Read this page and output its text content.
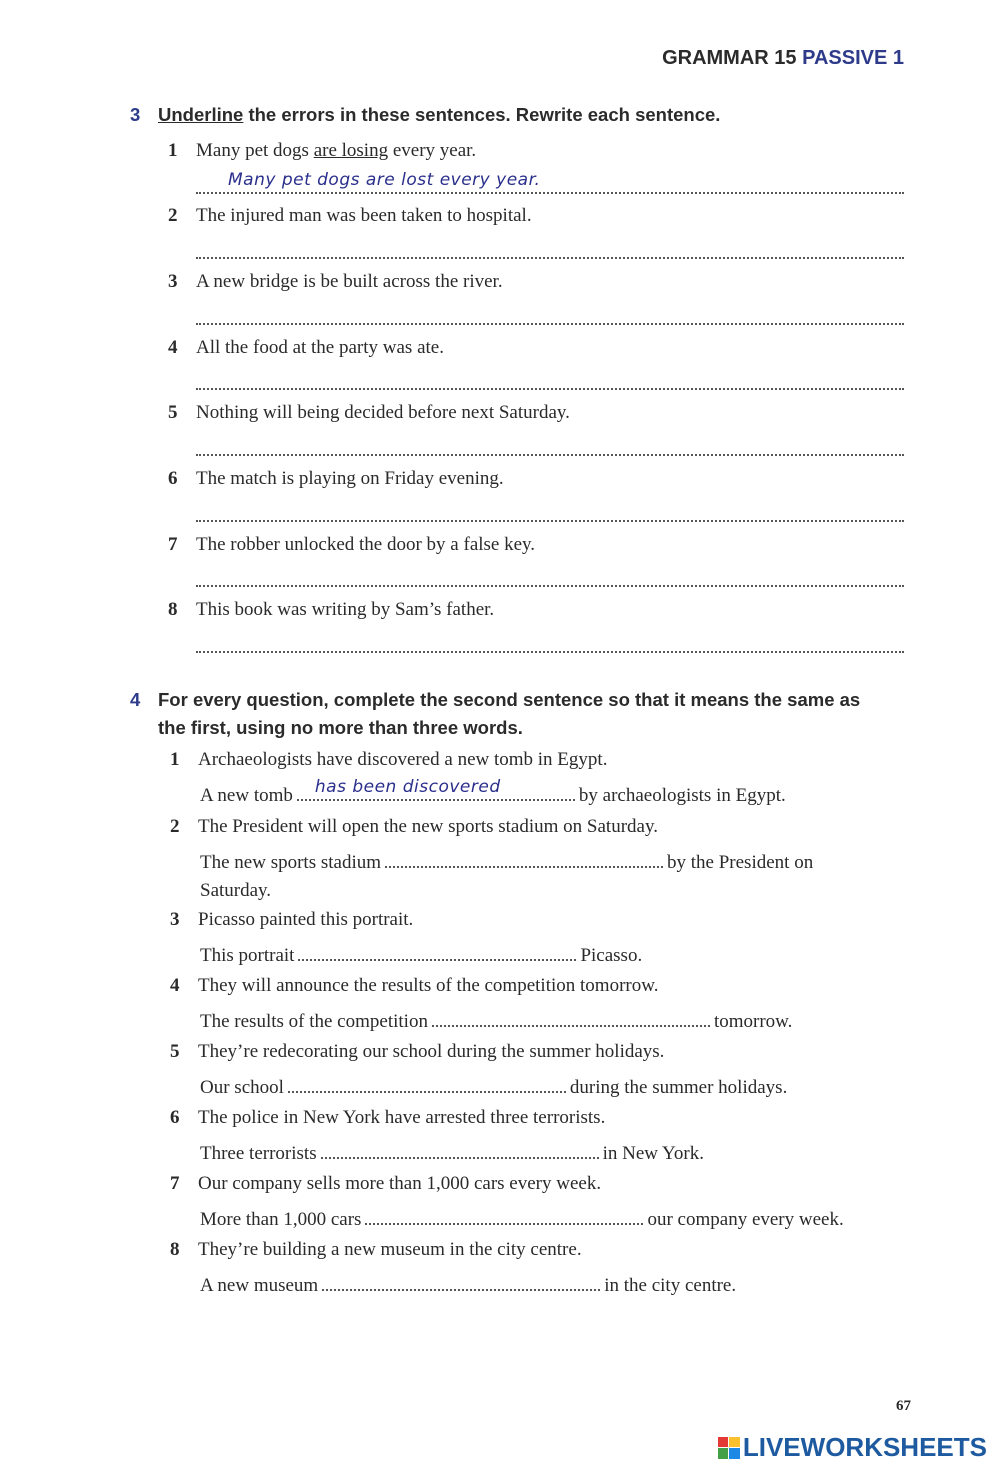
GRAMMAR 15 PASSIVE 1
3 Underline the errors in these sentences. Rewrite each sentence.
1 Many pet dogs are losing every year.
Many pet dogs are lost every year.
2 The injured man was been taken to hospital.
3 A new bridge is be built across the river.
4 All the food at the party was ate.
5 Nothing will being decided before next Saturday.
6 The match is playing on Friday evening.
7 The robber unlocked the door by a false key.
8 This book was writing by Sam’s father.
4 For every question, complete the second sentence so that it means the same as
the first, using no more than three words.
1 Archaeologists have discovered a new tomb in Egypt.
A new tomb has been discovered	by archaeologists in Egypt.
2 The President will open the new sports stadium on Saturday.
The new sports stadium	by the President on
Saturday.
3 Picasso painted this portrait.
This portrait	Picasso.
4 They will announce the results of the competition tomorrow.
The results of the competition	tomorrow.
5 They’re redecorating our school during the summer holidays.
Our school	during the summer holidays.
6 The police in New York have arrested three terrorists.
Three terrorists	in New York.
7 Our company sells more than 1,000 cars every week.
More than 1,000 cars	our company every week.
8 They’re building a new museum in the city centre.
A new museum	in the city centre.
67
LIVEWORKSHEETS
